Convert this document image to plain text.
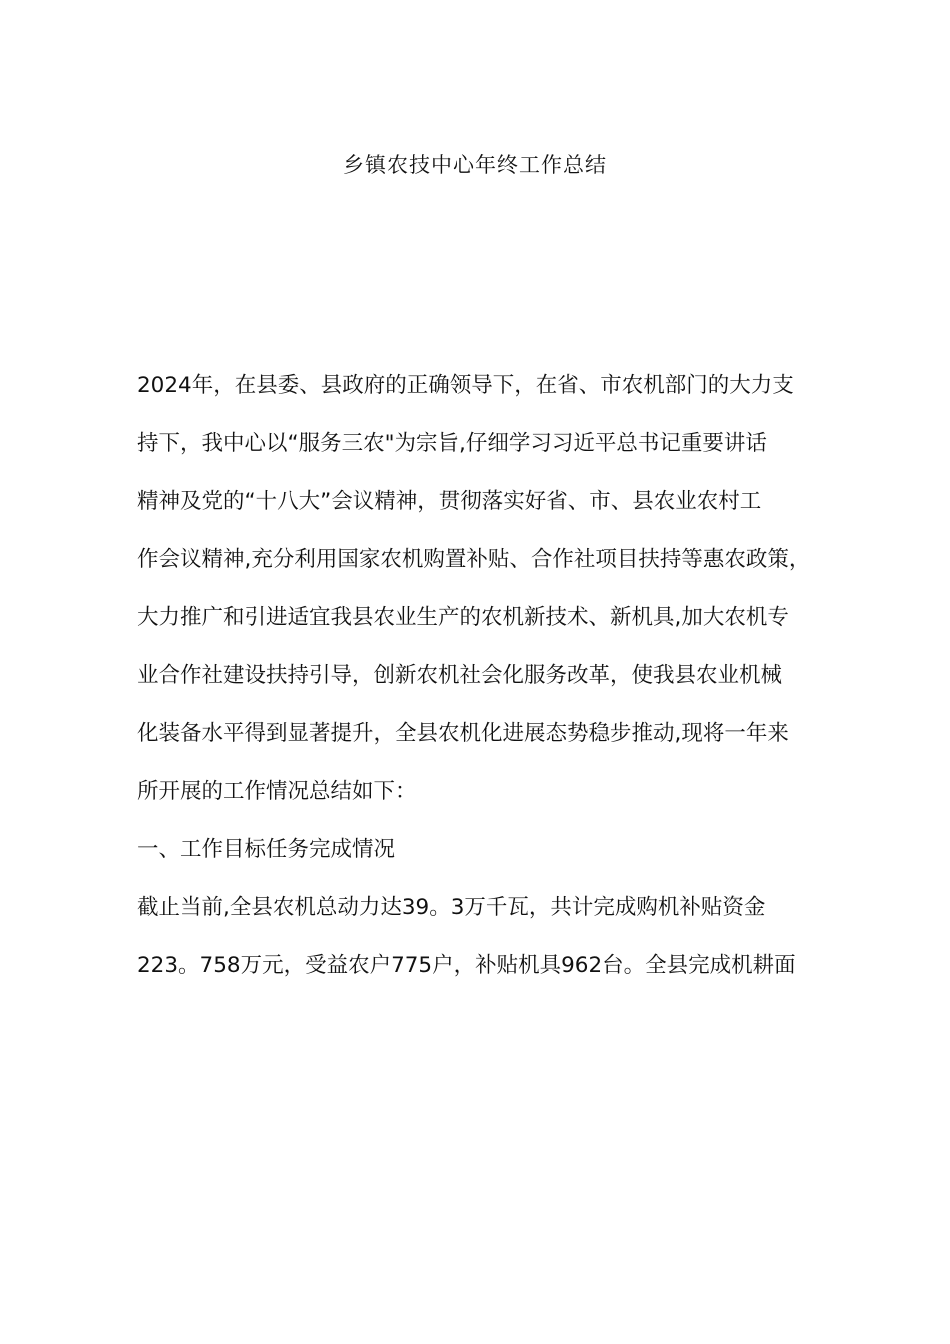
乡镇农技中心年终工作总结
2024年，在县委、县政府的正确领导下，在省、市农机部门的大力支
持下，我中心以“服务三农"为宗旨,仔细学习习近平总书记重要讲话
精神及党的“十八大”会议精神，贯彻落实好省、市、县农业农村工
作会议精神,充分利用国家农机购置补贴、合作社项目扶持等惠农政策，
大力推广和引进适宜我县农业生产的农机新技术、新机具,加大农机专
业合作社建设扶持引导，创新农机社会化服务改革，使我县农业机械
化装备水平得到显著提升，全县农机化进展态势稳步推动,现将一年来
所开展的工作情况总结如下：
一、工作目标任务完成情况
截止当前,全县农机总动力达39。3万千瓦，共计完成购机补贴资金
223。758万元，受益农户775户，补贴机具962台。全县完成机耕面
